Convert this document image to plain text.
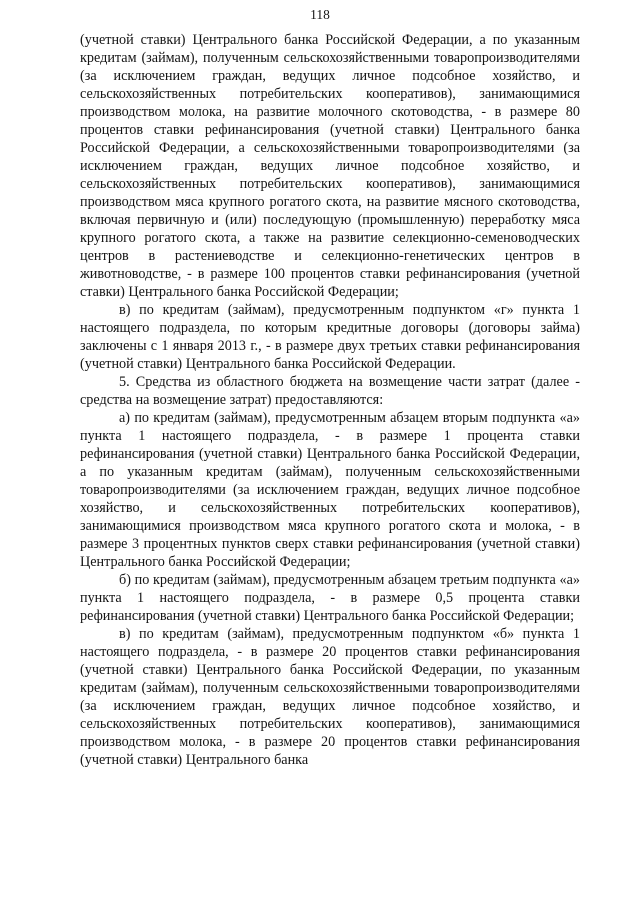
118

(учетной ставки) Центрального банка Российской Федерации, а по указанным кредитам (займам), полученным сельскохозяйственными товаропроизводителями (за исключением граждан, ведущих личное подсобное хозяйство, и сельскохозяйственных потребительских кооперативов), занимающимися производством молока, на развитие молочного скотоводства, - в размере 80 процентов ставки рефинансирования (учетной ставки) Центрального банка Российской Федерации, а сельскохозяйственными товаропроизводителями (за исключением граждан, ведущих личное подсобное хозяйство, и сельскохозяйственных потребительских кооперативов), занимающимися производством мяса крупного рогатого скота, на развитие мясного скотоводства, включая первичную и (или) последующую (промышленную) переработку мяса крупного рогатого скота, а также на развитие селекционно-семеноводческих центров в растениеводстве и селекционно-генетических центров в животноводстве, - в размере 100 процентов ставки рефинансирования (учетной ставки) Центрального банка Российской Федерации;

в) по кредитам (займам), предусмотренным подпунктом «г» пункта 1 настоящего подраздела, по которым кредитные договоры (договоры займа) заключены с 1 января 2013 г., - в размере двух третьих ставки рефинансирования (учетной ставки) Центрального банка Российской Федерации.

5. Средства из областного бюджета на возмещение части затрат (далее - средства на возмещение затрат) предоставляются:

а) по кредитам (займам), предусмотренным абзацем вторым подпункта «а» пункта 1 настоящего подраздела, - в размере 1 процента ставки рефинансирования (учетной ставки) Центрального банка Российской Федерации, а по указанным кредитам (займам), полученным сельскохозяйственными товаропроизводителями (за исключением граждан, ведущих личное подсобное хозяйство, и сельскохозяйственных потребительских кооперативов), занимающимися производством мяса крупного рогатого скота и молока, - в размере 3 процентных пунктов сверх ставки рефинансирования (учетной ставки) Центрального банка Российской Федерации;

б) по кредитам (займам), предусмотренным абзацем третьим подпункта «а» пункта 1 настоящего подраздела, - в размере 0,5 процента ставки рефинансирования (учетной ставки) Центрального банка Российской Федерации;

в) по кредитам (займам), предусмотренным подпунктом «б» пункта 1 настоящего подраздела, - в размере 20 процентов ставки рефинансирования (учетной ставки) Центрального банка Российской Федерации, по указанным кредитам (займам), полученным сельскохозяйственными товаропроизводителями (за исключением граждан, ведущих личное подсобное хозяйство, и сельскохозяйственных потребительских кооперативов), занимающимися производством молока, - в размере 20 процентов ставки рефинансирования (учетной ставки) Центрального банка
